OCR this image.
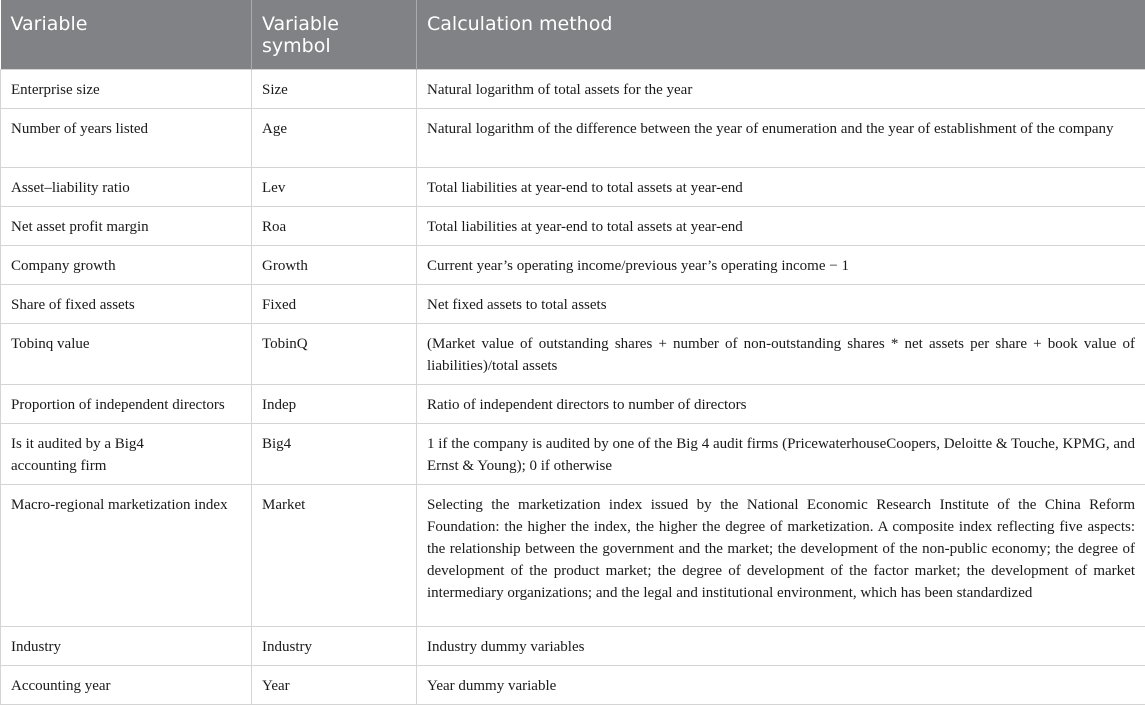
Variable	Variable symbol	Calculation method
Enterprise size	Size	Natural logarithm of total assets for the year
Number of years listed	Age	Natural logarithm of the difference between the year of enumeration and the year of establishment of the company
Asset–liability ratio	Lev	Total liabilities at year-end to total assets at year-end
Net asset profit margin	Roa	Total liabilities at year-end to total assets at year-end
Company growth	Growth	Current year’s operating income/previous year’s operating income − 1
Share of fixed assets	Fixed	Net fixed assets to total assets
Tobinq value	TobinQ	(Market value of outstanding shares + number of non-outstanding shares * net assets per share + book value of liabilities)/total assets
Proportion of independent directors	Indep	Ratio of independent directors to number of directors
Is it audited by a Big4 accounting firm	Big4	1 if the company is audited by one of the Big 4 audit firms (PricewaterhouseCoopers, Deloitte & Touche, KPMG, and Ernst & Young); 0 if otherwise
Macro-regional marketization index	Market	Selecting the marketization index issued by the National Economic Research Institute of the China Reform Foundation: the higher the index, the higher the degree of marketization. A composite index reflecting five aspects: the relationship between the government and the market; the development of the non-public economy; the degree of development of the product market; the degree of development of the factor market; the development of market intermediary organizations; and the legal and institutional environment, which has been standardized
Industry	Industry	Industry dummy variables
Accounting year	Year	Year dummy variable
